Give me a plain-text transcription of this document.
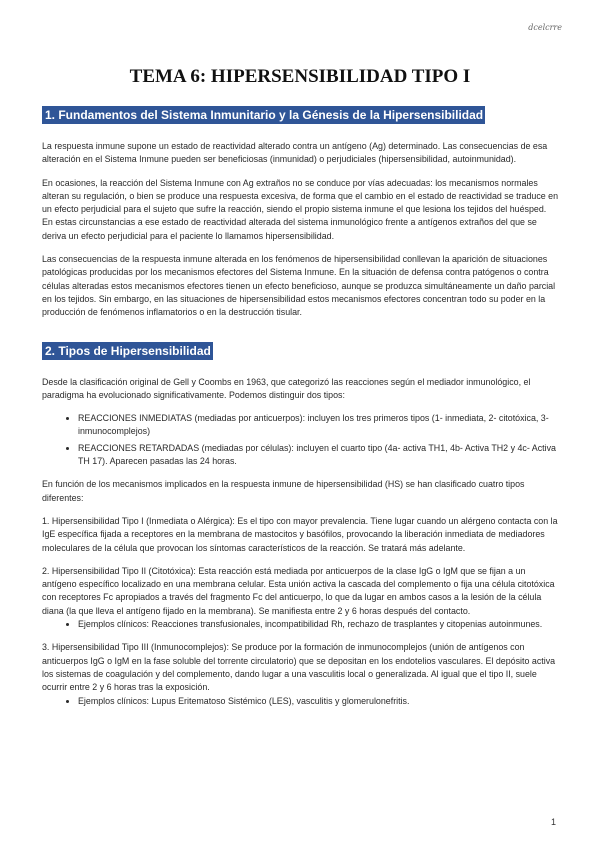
dcelcrre
TEMA 6: HIPERSENSIBILIDAD TIPO I
1. Fundamentos del Sistema Inmunitario y la Génesis de la Hipersensibilidad

La respuesta inmune supone un estado de reactividad alterado contra un antígeno (Ag) determinado. Las consecuencias de esa alteración en el Sistema Inmune pueden ser beneficiosas (inmunidad) o perjudiciales (hipersensibilidad, autoinmunidad).

En ocasiones, la reacción del Sistema Inmune con Ag extraños no se conduce por vías adecuadas: los mecanismos normales alteran su regulación, o bien se produce una respuesta excesiva, de forma que el cambio en el estado de reactividad se traduce en un efecto perjudicial para el sujeto que sufre la reacción, siendo el propio sistema inmune el que lesiona los tejidos del huésped. En estas circunstancias a ese estado de reactividad alterada del sistema inmunológico frente a antígenos extraños del que se deriva un efecto perjudicial para el paciente lo llamamos hipersensibilidad.

Las consecuencias de la respuesta inmune alterada en los fenómenos de hipersensibilidad conllevan la aparición de situaciones patológicas producidas por los mecanismos efectores del Sistema Inmune. En la situación de defensa contra patógenos o contra células alteradas estos mecanismos efectores tienen un efecto beneficioso, aunque se produzca simultáneamente un daño parcial en los tejidos. Sin embargo, en las situaciones de hipersensibilidad estos mecanismos efectores concentran todo su poder en la producción de fenómenos inflamatorios o en la destrucción tisular.

2. Tipos de Hipersensibilidad

Desde la clasificación original de Gell y Coombs en 1963, que categorizó las reacciones según el mediador inmunológico, el paradigma ha evolucionado significativamente. Podemos distinguir dos tipos:

• REACCIONES INMEDIATAS (mediadas por anticuerpos): incluyen los tres primeros tipos (1- inmediata, 2- citotóxica, 3- inmunocomplejos)
• REACCIONES RETARDADAS (mediadas por células): incluyen el cuarto tipo (4a- activa TH1, 4b- Activa TH2 y 4c- Activa TH 17). Aparecen pasadas las 24 horas.

En función de los mecanismos implicados en la respuesta inmune de hipersensibilidad (HS) se han clasificado cuatro tipos diferentes:

1. Hipersensibilidad Tipo I (Inmediata o Alérgica): Es el tipo con mayor prevalencia. Tiene lugar cuando un alérgeno contacta con la IgE específica fijada a receptores en la membrana de mastocitos y basófilos, provocando la liberación inmediata de mediadores moleculares de la célula que provocan los síntomas característicos de la reacción. Se tratará más adelante.

2. Hipersensibilidad Tipo II (Citotóxica): Esta reacción está mediada por anticuerpos de la clase IgG o IgM que se fijan a un antígeno específico localizado en una membrana celular. Esta unión activa la cascada del complemento o fija una célula citotóxica con receptores Fc apropiados a través del fragmento Fc del anticuerpo, lo que da lugar en ambos casos a la lesión de la célula diana (la que lleva el antígeno fijado en la membrana). Se manifiesta entre 2 y 6 horas después del contacto.

• Ejemplos clínicos: Reacciones transfusionales, incompatibilidad Rh, rechazo de trasplantes y citopenias autoinmunes.

3. Hipersensibilidad Tipo III (Inmunocomplejos): Se produce por la formación de inmunocomplejos (unión de antígenos con anticuerpos IgG o IgM en la fase soluble del torrente circulatorio) que se depositan en los endotelios vasculares. El depósito activa los sistemas de coagulación y del complemento, dando lugar a una vasculitis local o generalizada. Al igual que el tipo II, suele ocurrir entre 2 y 6 horas tras la exposición.

• Ejemplos clínicos: Lupus Eritematoso Sistémico (LES), vasculitis y glomerulonefritis.
1
